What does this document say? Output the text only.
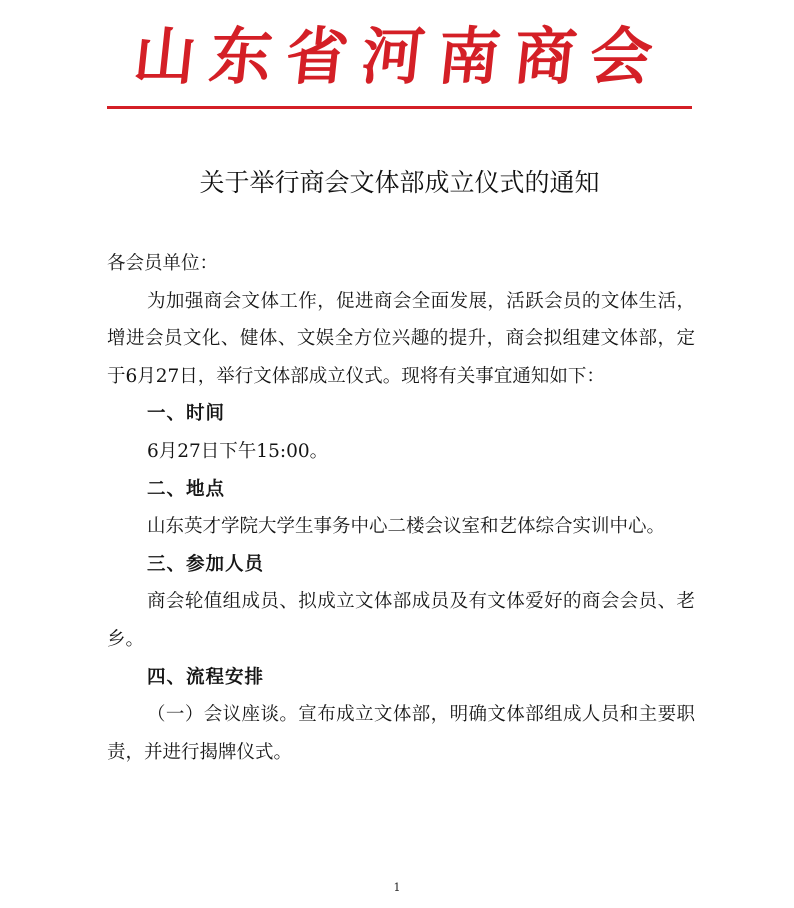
山东省河南商会
关于举行商会文体部成立仪式的通知

各会员单位：

为加强商会文体工作，促进商会全面发展，活跃会员的文体生活，增进会员文化、健体、文娱全方位兴趣的提升，商会拟组建文体部，定于6月27日，举行文体部成立仪式。现将有关事宜通知如下：

一、时间

6月27日下午15:00。

二、地点

山东英才学院大学生事务中心二楼会议室和艺体综合实训中心。

三、参加人员

商会轮值组成员、拟成立文体部成员及有文体爱好的商会会员、老乡。

四、流程安排

（一）会议座谈。宣布成立文体部，明确文体部组成人员和主要职责，并进行揭牌仪式。

1
